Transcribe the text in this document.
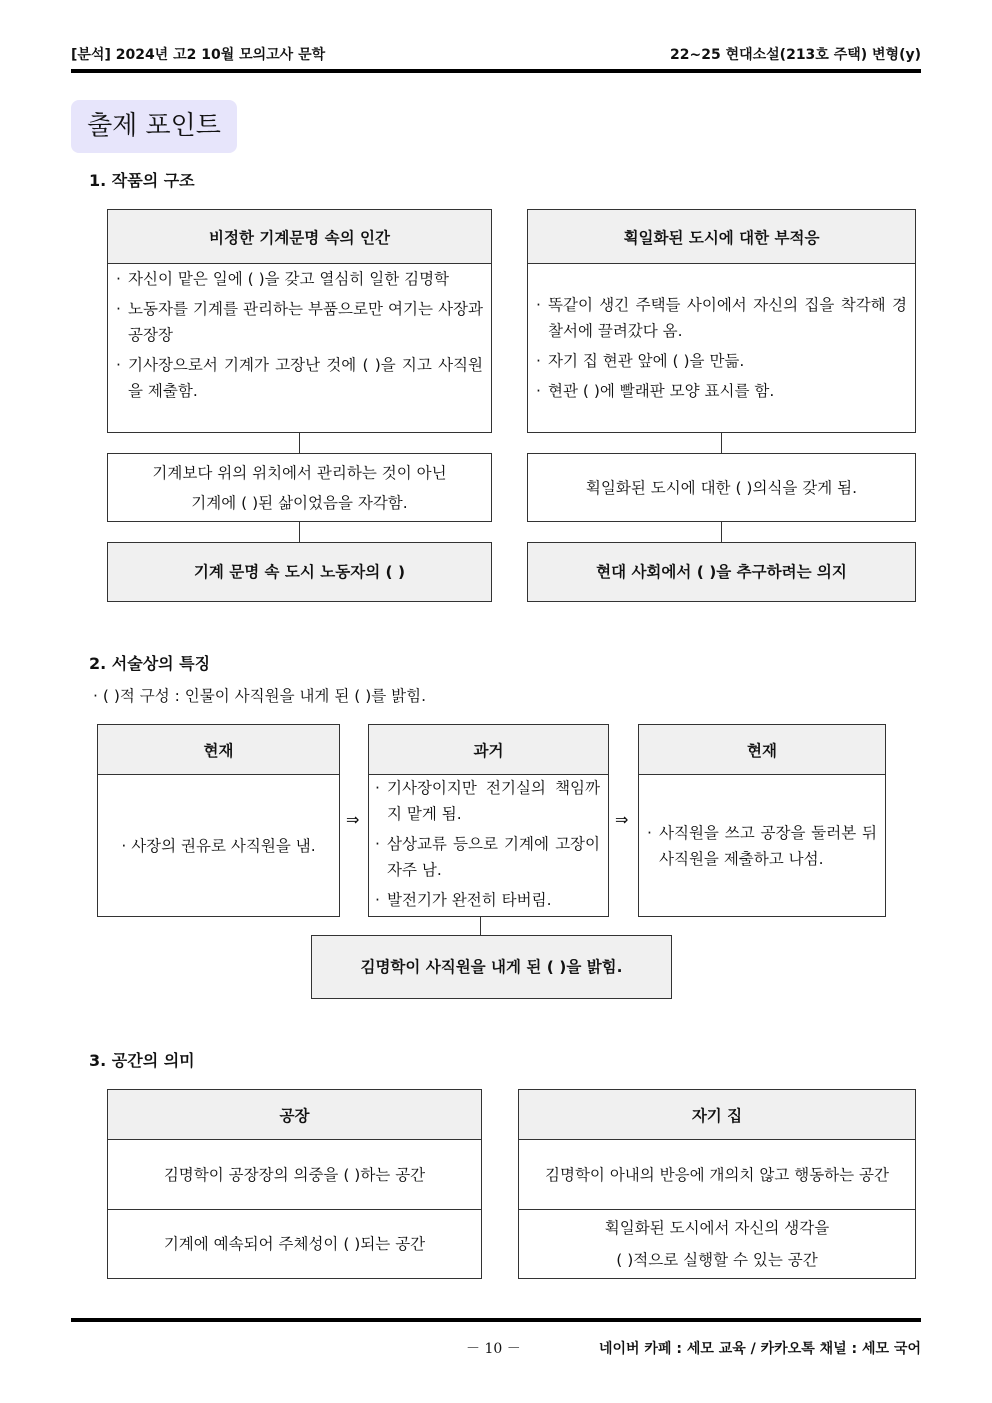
[분석] 2024년 고2 10월 모의고사 문학	22~25 현대소설(213호 주택) 변형(y)
출제 포인트
1. 작품의 구조
비정한 기계문명 속의 인간
· 자신이 맡은 일에 ( )을 갖고 열심히 일한 김명학
· 노동자를 기계를 관리하는 부품으로만 여기는 사장과 공장장
· 기사장으로서 기계가 고장난 것에 ( )을 지고 사직원을 제출함.
기계보다 위의 위치에서 관리하는 것이 아닌
기계에 ( )된 삶이었음을 자각함.
기계 문명 속 도시 노동자의 ( )
획일화된 도시에 대한 부적응
· 똑같이 생긴 주택들 사이에서 자신의 집을 착각해 경찰서에 끌려갔다 옴.
· 자기 집 현관 앞에 ( )을 만듦.
· 현관 ( )에 빨래판 모양 표시를 함.
획일화된 도시에 대한 ( )의식을 갖게 됨.
현대 사회에서 ( )을 추구하려는 의지
2. 서술상의 특징
· ( )적 구성 : 인물이 사직원을 내게 된 ( )를 밝힘.
현재
· 사장의 권유로 사직원을 냄.
⇒
과거
· 기사장이지만 전기실의 책임까지 맡게 됨.
· 삼상교류 등으로 기계에 고장이 자주 남.
· 발전기가 완전히 타버림.
⇒
현재
· 사직원을 쓰고 공장을 둘러본 뒤 사직원을 제출하고 나섬.
김명학이 사직원을 내게 된 ( )을 밝힘.
3. 공간의 의미
공장
김명학이 공장장의 의중을 ( )하는 공간
기계에 예속되어 주체성이 ( )되는 공간
자기 집
김명학이 아내의 반응에 개의치 않고 행동하는 공간
획일화된 도시에서 자신의 생각을
( )적으로 실행할 수 있는 공간
－ 10 －	네이버 카페 : 세모 교육 / 카카오톡 채널 : 세모 국어
